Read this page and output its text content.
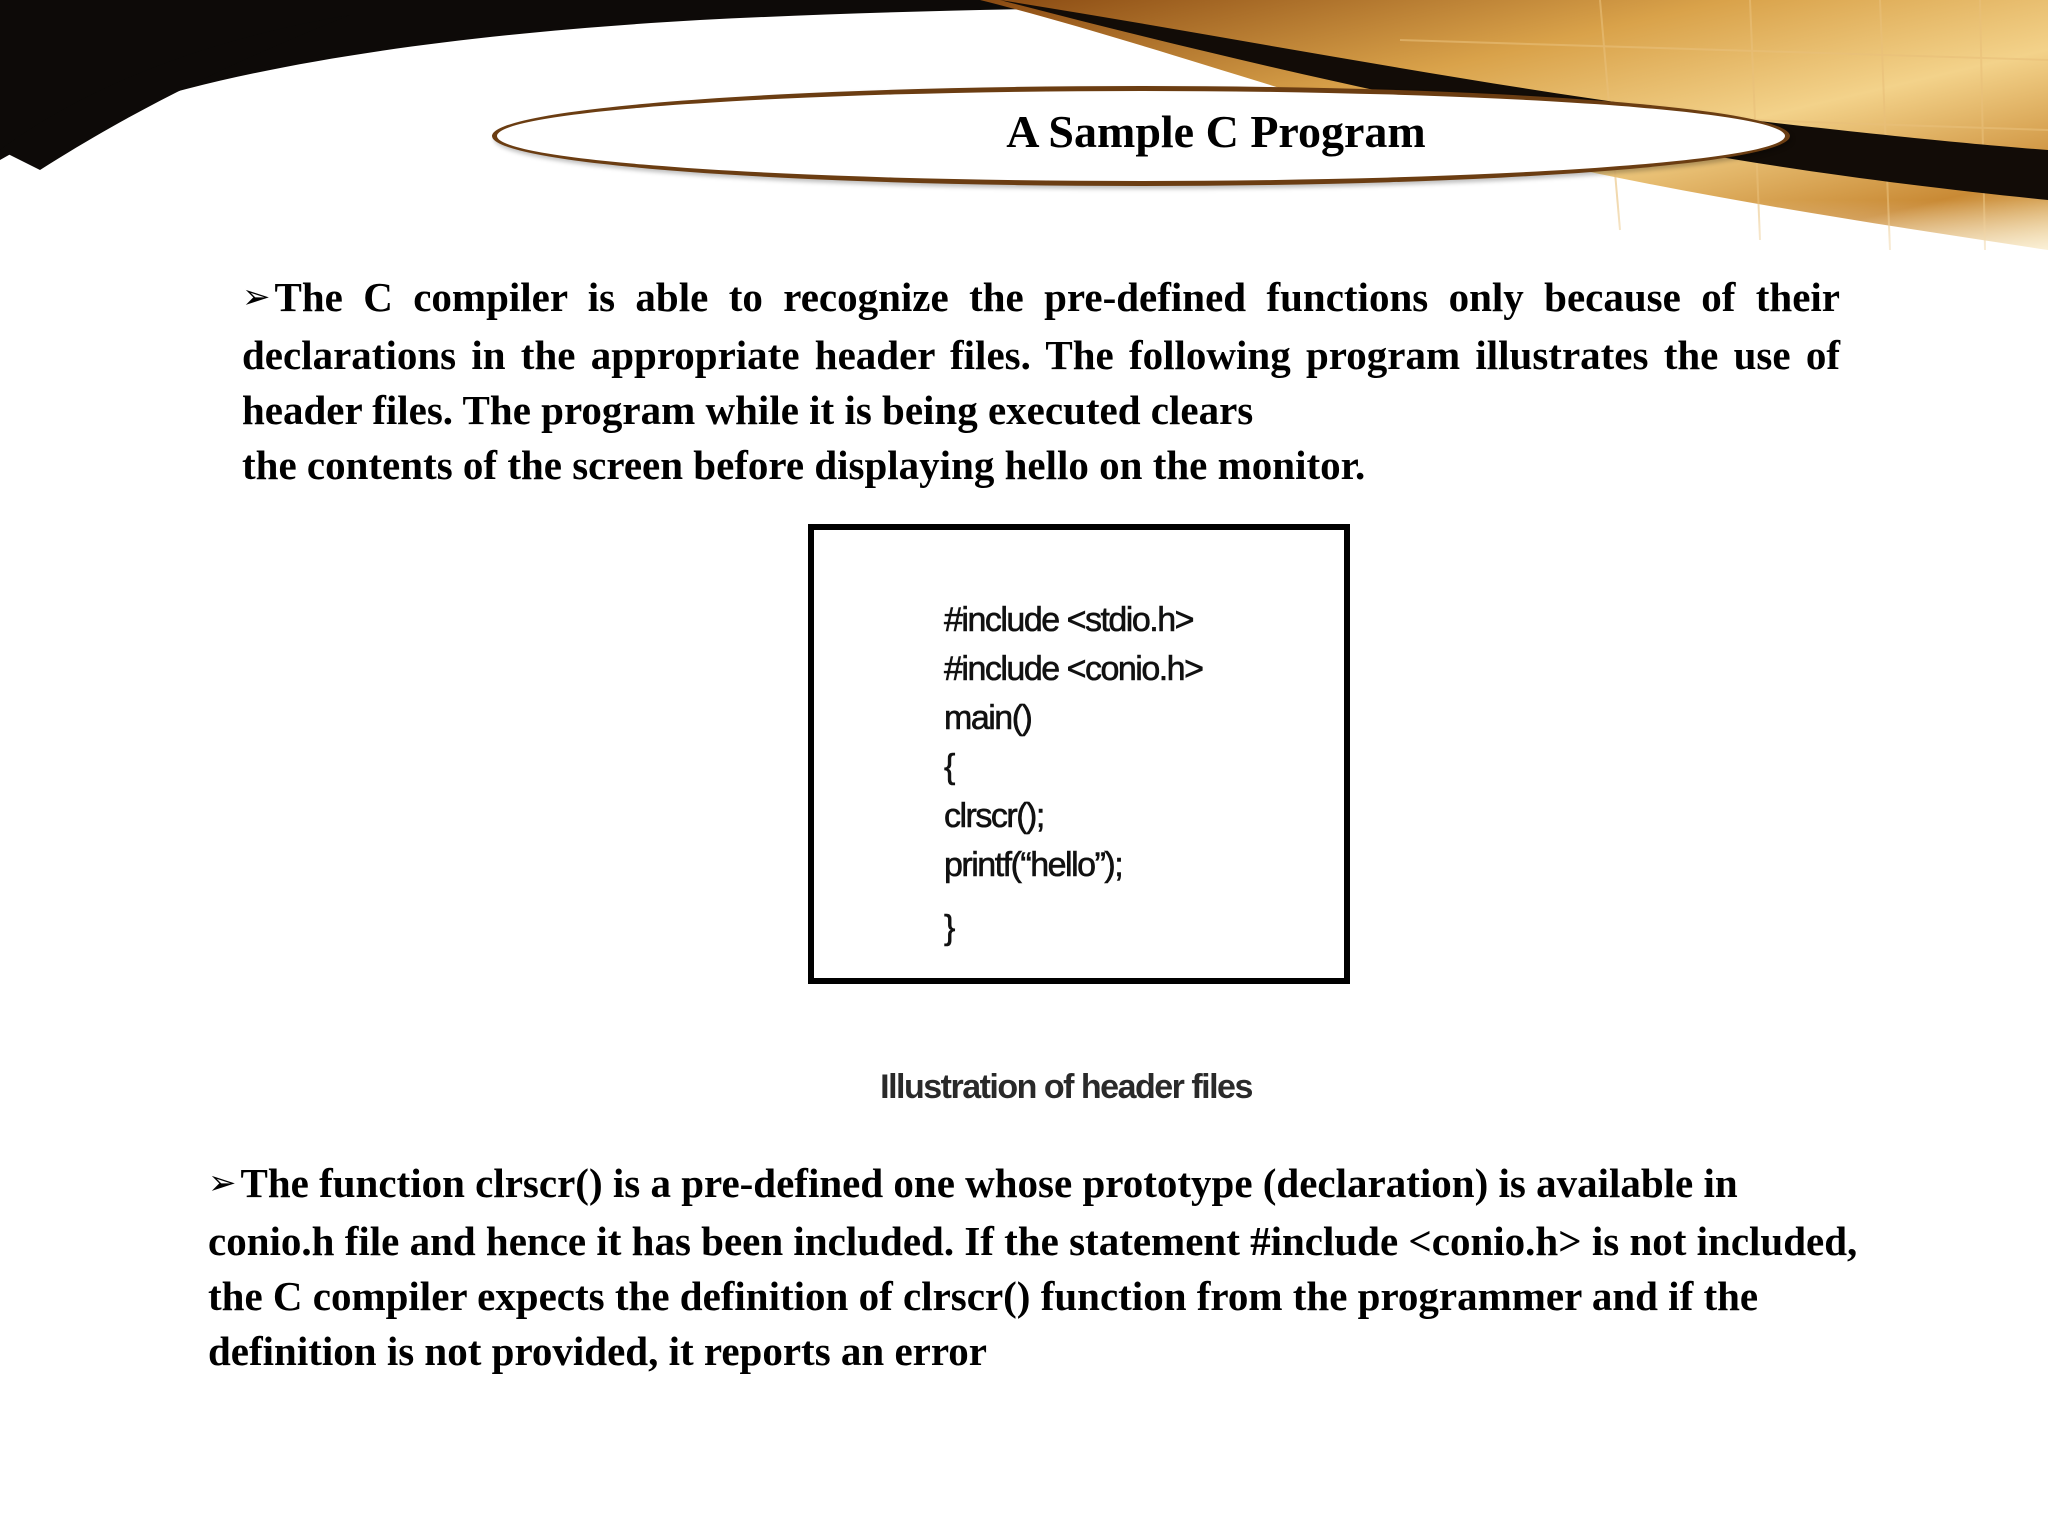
A Sample C Program
➢The C compiler is able to recognize the pre-defined functions only because of their declarations in the appropriate header files. The following program illustrates the use of header files. The program while it is being executed clears
the contents of the screen before displaying hello on the monitor.
#include <stdio.h>
#include <conio.h>
main()
{
clrscr();
printf(“hello”);
}
Illustration of header files
➢The function clrscr() is a pre-defined one whose prototype (declaration) is available in conio.h file and hence it has been included. If the statement #include <conio.h> is not included, the C compiler expects the definition of clrscr() function from the programmer and if the definition is not provided, it reports an error
